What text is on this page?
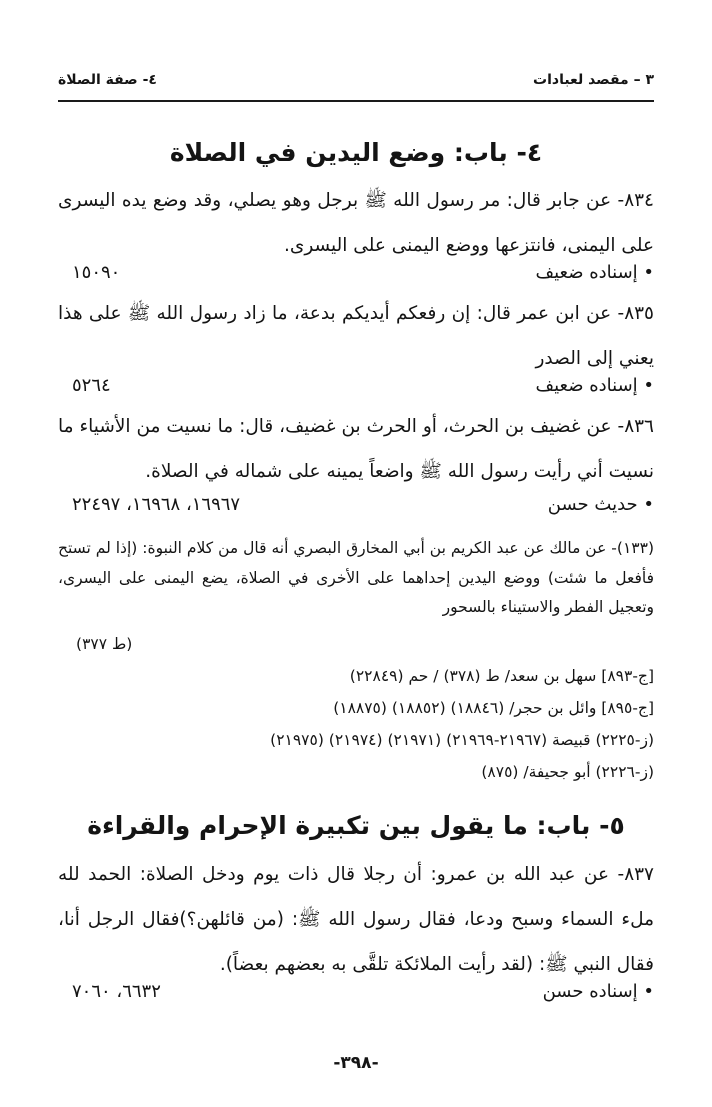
٣ – مقصد لعبادات
٤- صفة الصلاة
٤- باب: وضع اليدين في الصلاة
٨٣٤- عن جابر قال: مر رسول الله ﷺ برجل وهو يصلي، وقد وضع يده اليسرى على اليمنى، فانتزعها ووضع اليمنى على اليسرى.
• إسناده ضعيف
١٥٠٩٠
٨٣٥- عن ابن عمر قال: إن رفعكم أيديكم بدعة، ما زاد رسول الله ﷺ على هذا يعني إلى الصدر
• إسناده ضعيف
٥٢٦٤
٨٣٦- عن غضيف بن الحرث، أو الحرث بن غضيف، قال: ما نسيت من الأشياء ما نسيت أني رأيت رسول الله ﷺ واضعاً يمينه على شماله في الصلاة.
• حديث حسن
١٦٩٦٧، ١٦٩٦٨، ٢٢٤٩٧
(١٣٣)- عن مالك عن عبد الكريم بن أبي المخارق البصري أنه قال من كلام النبوة: (إذا لم تستح فأفعل ما شئت) ووضع اليدين إحداهما على الأخرى في الصلاة، يضع اليمنى على اليسرى، وتعجيل الفطر والاستيناء بالسحور
(ط ٣٧٧)
[ج-٨٩٣] سهل بن سعد/ ط (٣٧٨) / حم (٢٢٨٤٩)
[ج-٨٩٥] وائل بن حجر/ (١٨٨٤٦) (١٨٨٥٢) (١٨٨٧٥)
(ز-٢٢٢٥) قبيصة (٢١٩٦٧-٢١٩٦٩) (٢١٩٧١) (٢١٩٧٤) (٢١٩٧٥)
(ز-٢٢٢٦) أبو جحيفة/ (٨٧٥)
٥- باب: ما يقول بين تكبيرة الإحرام والقراءة
٨٣٧- عن عبد الله بن عمرو: أن رجلا قال ذات يوم ودخل الصلاة: الحمد لله ملء السماء وسبح ودعا، فقال رسول الله ﷺ: (من قائلهن؟)فقال الرجل أنا، فقال النبي ﷺ: (لقد رأيت الملائكة تلقَّى به بعضهم بعضاً).
• إسناده حسن
٦٦٣٢، ٧٠٦٠
-٣٩٨-
